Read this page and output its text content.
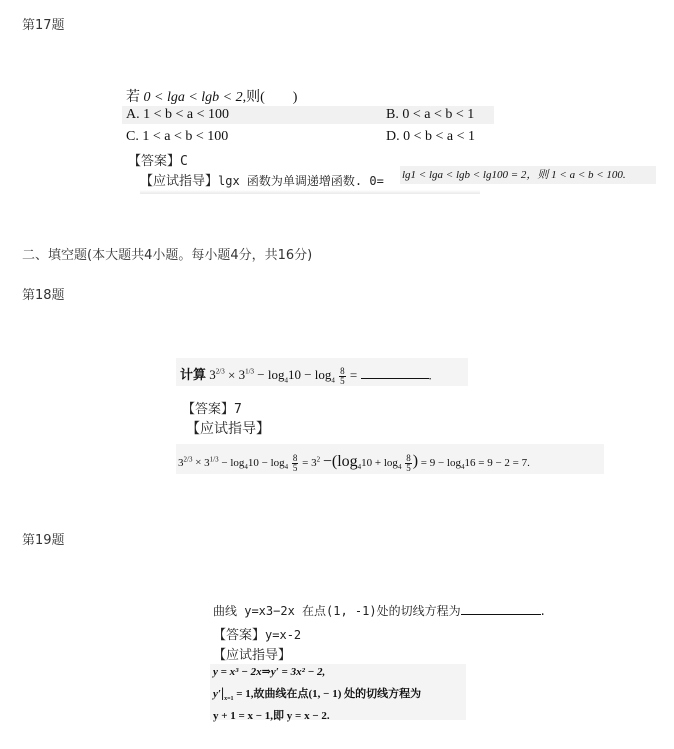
第17题
若 0 < lga < lgb < 2,则(　　)
A. 1 < b < a < 100	B. 0 < a < b < 1
C. 1 < a < b < 100	D. 0 < b < a < 1
【答案】C
【应试指导】lgx 函数为单调递增函数. 0= lg1 < lga < lgb < lg100 = 2，则 1 < a < b < 100.
二、填空题(本大题共4小题。每小题4分，共16分)
第18题
计算 $3^{2/3} \times 3^{1/3} - \log_410 - \log_4 \frac{8}{5}$ =	.
【答案】7
【应试指导】
$3^{2/3} \times 3^{1/3} - \log_410 - \log_4 \frac{8}{5} = 3^2 -(\log_410 + \log_4 \frac{8}{5}$ ) = $9 - \log_416 = 9 - 2 = 7$.
第19题
曲线 y=x3−2x 在点(1, -1)处的切线方程为	.
【答案】y=x-2
【应试指导】
y = x³ − 2x⇒y′ = 3x² − 2,
$y'|_{x=1} = 1$,故曲线在点(1, − 1) 处的切线方程为
y + 1 = x − 1,即 y = x − 2.
